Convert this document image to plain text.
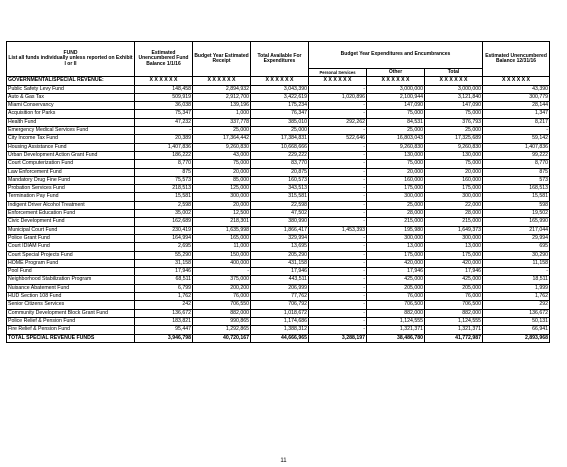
FUND
List all funds individually unless reported on Exhibit I or II	Estimated Unencumbered Fund Balance 1/1/16	Budget Year Estimated Receipt	Total Available For Expenditures	Budget Year Expenditures and Encumbrances			Estimated Unencumbered Balance 12/31/16
				Personal Services	Other	Total	
GOVERNMENTAL/SPECIAL REVENUE:	X X X X X X	X X X X X X	X X X X X X	X X X X X X	X X X X X X	X X X X X X	X X X X X X
Public Safety Levy Fund	148,458	2,894,932	3,043,390	-	3,000,000	3,000,000	43,390
Auto & Gas Tax	509,919	2,912,700	3,422,619	1,020,896	2,100,944	3,121,840	300,779
Miami Conservancy	36,038	139,196	175,234	-	147,090	147,090	28,144
Acquisition for Parks	75,347	1,000	76,347	-	75,000	75,000	1,347
Health Fund	47,232	337,778	385,010	292,262	84,531	376,793	8,217
Emergency Medical Services Fund	-	25,000	25,000	-	25,000	25,000	-
City Income Tax Fund	20,389	17,364,442	17,384,831	522,646	16,803,043	17,325,689	59,142
Housing Assistance Fund	1,407,836	9,260,830	10,668,666	-	9,260,830	9,260,830	1,407,836
Urban Development Action Grant Fund	186,222	43,000	229,222	-	130,000	130,000	99,222
Court Computerization Fund	8,770	75,000	83,770	-	75,000	75,000	8,770
Law Enforcement Fund	875	20,000	20,875	-	20,000	20,000	875
Mandatory Drug Fine Fund	75,573	85,000	160,573	-	160,000	160,000	573
Probation Services Fund	218,513	125,000	343,513	-	175,000	175,000	168,513
Termination Pay Fund	15,581	300,000	315,581	-	300,000	300,000	15,581
Indigent Driver Alcohol Treatment	2,598	20,000	22,598	-	25,000	22,000	598
Enforcement Education Fund	35,002	12,500	47,502	-	28,000	28,000	19,502
Civic Development Fund	162,689	218,301	380,990	-	215,000	215,000	165,990
Municipal Court Fund	230,419	1,635,998	1,866,417	1,453,393	195,980	1,649,373	217,044
Police Grant Fund	164,994	165,000	329,994	-	300,000	300,000	29,994
Court IDIAM Fund	2,695	11,000	13,695	-	13,000	13,000	695
Court Special Projects Fund	55,290	150,000	205,290	-	175,000	175,000	30,290
HOME Program Fund	31,158	400,000	431,158	-	420,000	420,000	11,158
Pool Fund	17,946	-	17,946	-	17,946	17,946	-
Neighborhood Stabilization Program	68,511	375,000	443,511	-	425,000	425,000	18,511
Nuisance Abatement Fund	6,799	200,200	206,999	-	205,000	205,000	1,999
HUD Section 108 Fund	1,762	76,000	77,762	-	76,000	76,000	1,762
Senior Citizens Services	242	706,550	706,792	-	706,500	706,500	292
Community Development Block Grant Fund	136,672	882,000	1,018,672	-	882,000	882,000	136,672
Police Relief & Pension Fund	183,821	990,865	1,174,686	-	1,124,555	1,124,555	50,131
Fire Relief & Pension Fund	95,447	1,292,865	1,388,312	-	1,321,371	1,321,371	66,941
TOTAL SPECIAL REVENUE FUNDS	3,946,798	40,720,167	44,666,965	3,288,197	38,486,780	41,772,987	2,893,968
11
